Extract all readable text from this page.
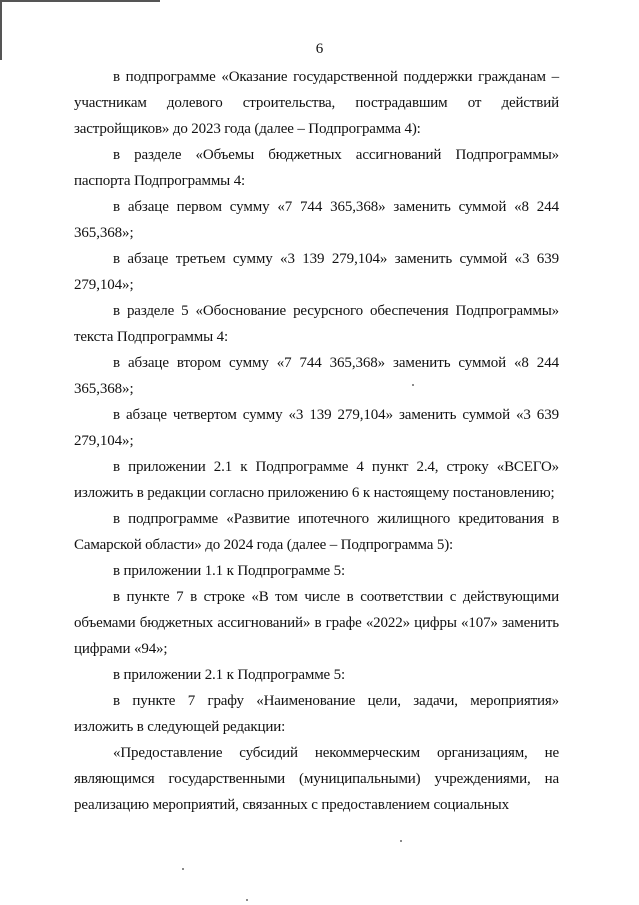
6

в подпрограмме «Оказание государственной поддержки гражданам – участникам долевого строительства, пострадавшим от действий застройщиков» до 2023 года (далее – Подпрограмма 4):

в разделе «Объемы бюджетных ассигнований Подпрограммы» паспорта Подпрограммы 4:

в абзаце первом сумму «7 744 365,368» заменить суммой «8 244 365,368»;

в абзаце третьем сумму «3 139 279,104» заменить суммой «3 639 279,104»;

в разделе 5 «Обоснование ресурсного обеспечения Подпрограммы» текста Подпрограммы 4:

в абзаце втором сумму «7 744 365,368» заменить суммой «8 244 365,368»;

в абзаце четвертом сумму «3 139 279,104» заменить суммой «3 639 279,104»;

в приложении 2.1 к Подпрограмме 4 пункт 2.4, строку «ВСЕГО» изложить в редакции согласно приложению 6 к настоящему постановлению;

в подпрограмме «Развитие ипотечного жилищного кредитования в Самарской области» до 2024 года (далее – Подпрограмма 5):

в приложении 1.1 к Подпрограмме 5:

в пункте 7 в строке «В том числе в соответствии с действующими объемами бюджетных ассигнований» в графе «2022» цифры «107» заменить цифрами «94»;

в приложении 2.1 к Подпрограмме 5:

в пункте 7 графу «Наименование цели, задачи, мероприятия» изложить в следующей редакции:

«Предоставление субсидий некоммерческим организациям, не являющимся государственными (муниципальными) учреждениями, на реализацию мероприятий, связанных с предоставлением социальных
